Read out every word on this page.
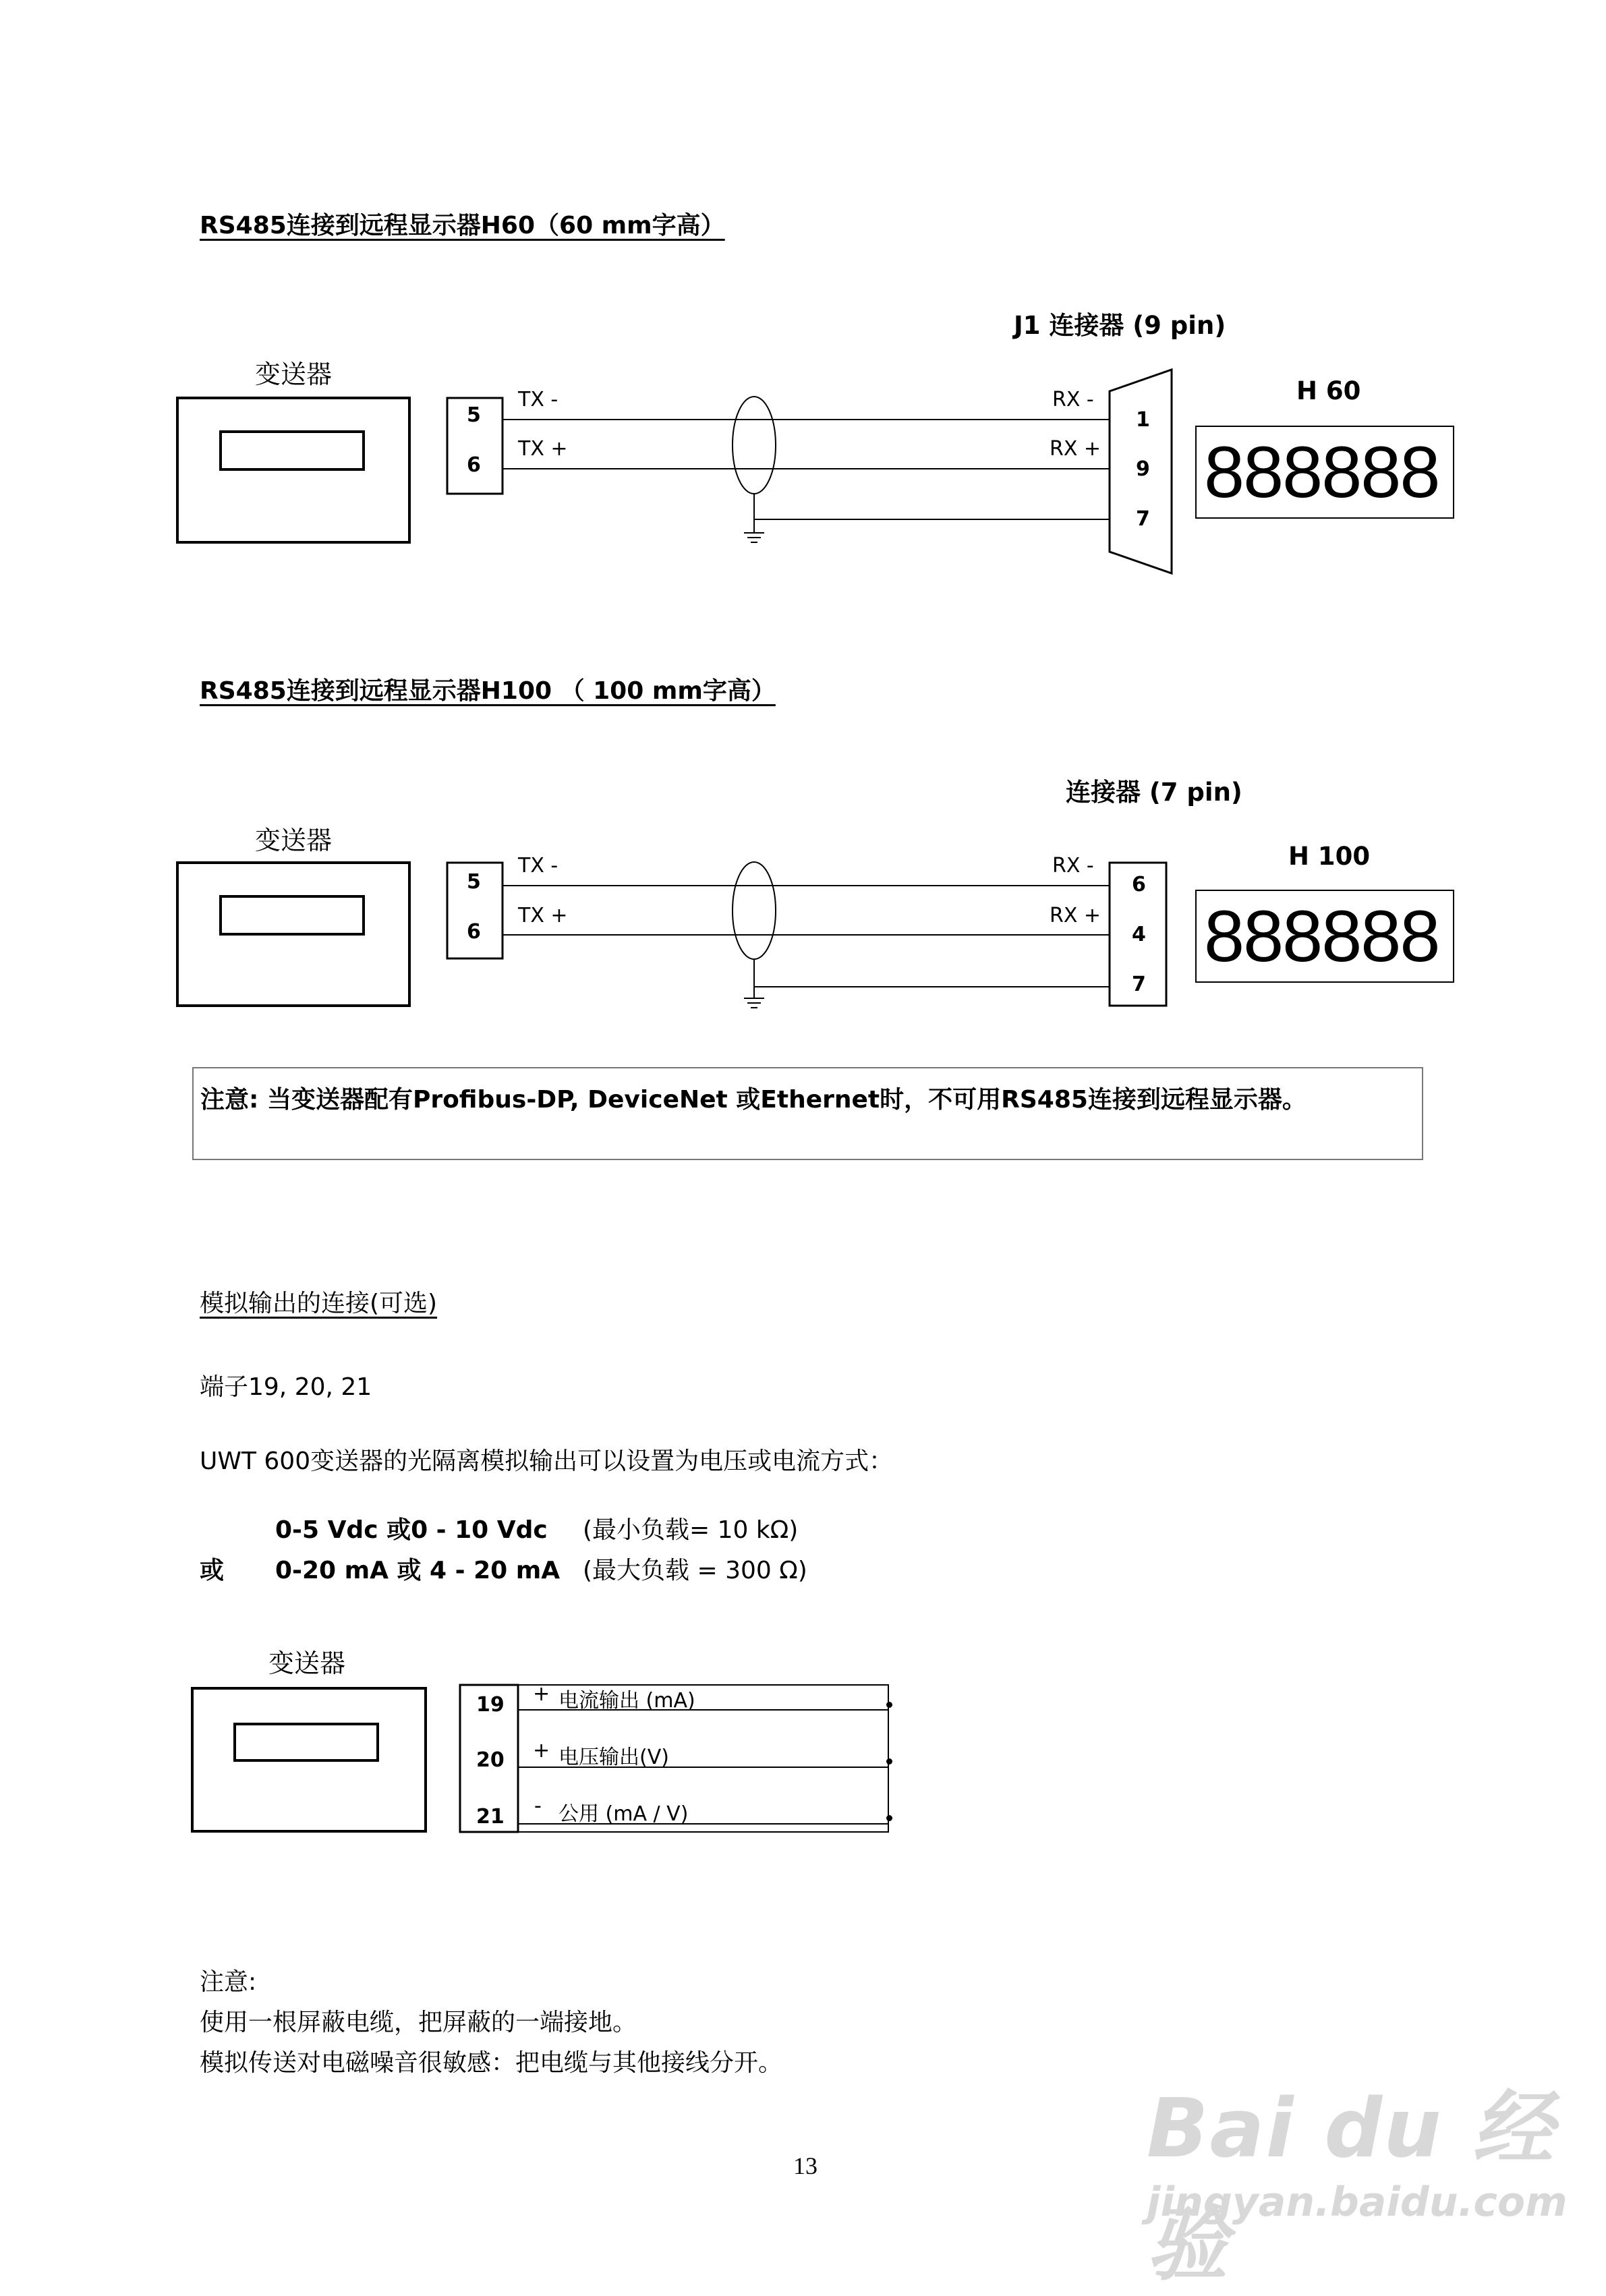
RS485连接到远程显示器H60（60 mm字高）
变送器
J1 连接器 (9 pin)
H 60
5
6
TX -
TX +
RX -
RX +
1
9
7
888888
RS485连接到远程显示器H100 （ 100 mm字高）
变送器
连接器 (7 pin)
H 100
5
6
TX -
TX +
RX -
RX +
6
4
7
888888
注意: 当变送器配有Profibus-DP, DeviceNet 或Ethernet时，不可用RS485连接到远程显示器。
模拟输出的连接(可选)
端子19, 20, 21
UWT 600变送器的光隔离模拟输出可以设置为电压或电流方式：
0-5 Vdc 或0 - 10 Vdc (最小负载= 10 kΩ)
或 0-20 mA 或 4 - 20 mA (最大负载 = 300 Ω)
变送器
19
20
21
+ 电流输出 (mA)
+ 电压输出(V)
- 公用 (mA / V)
注意:
使用一根屏蔽电缆，把屏蔽的一端接地。
模拟传送对电磁噪音很敏感：把电缆与其他接线分开。
13	Bai du 经验
jingyan.baidu.com
